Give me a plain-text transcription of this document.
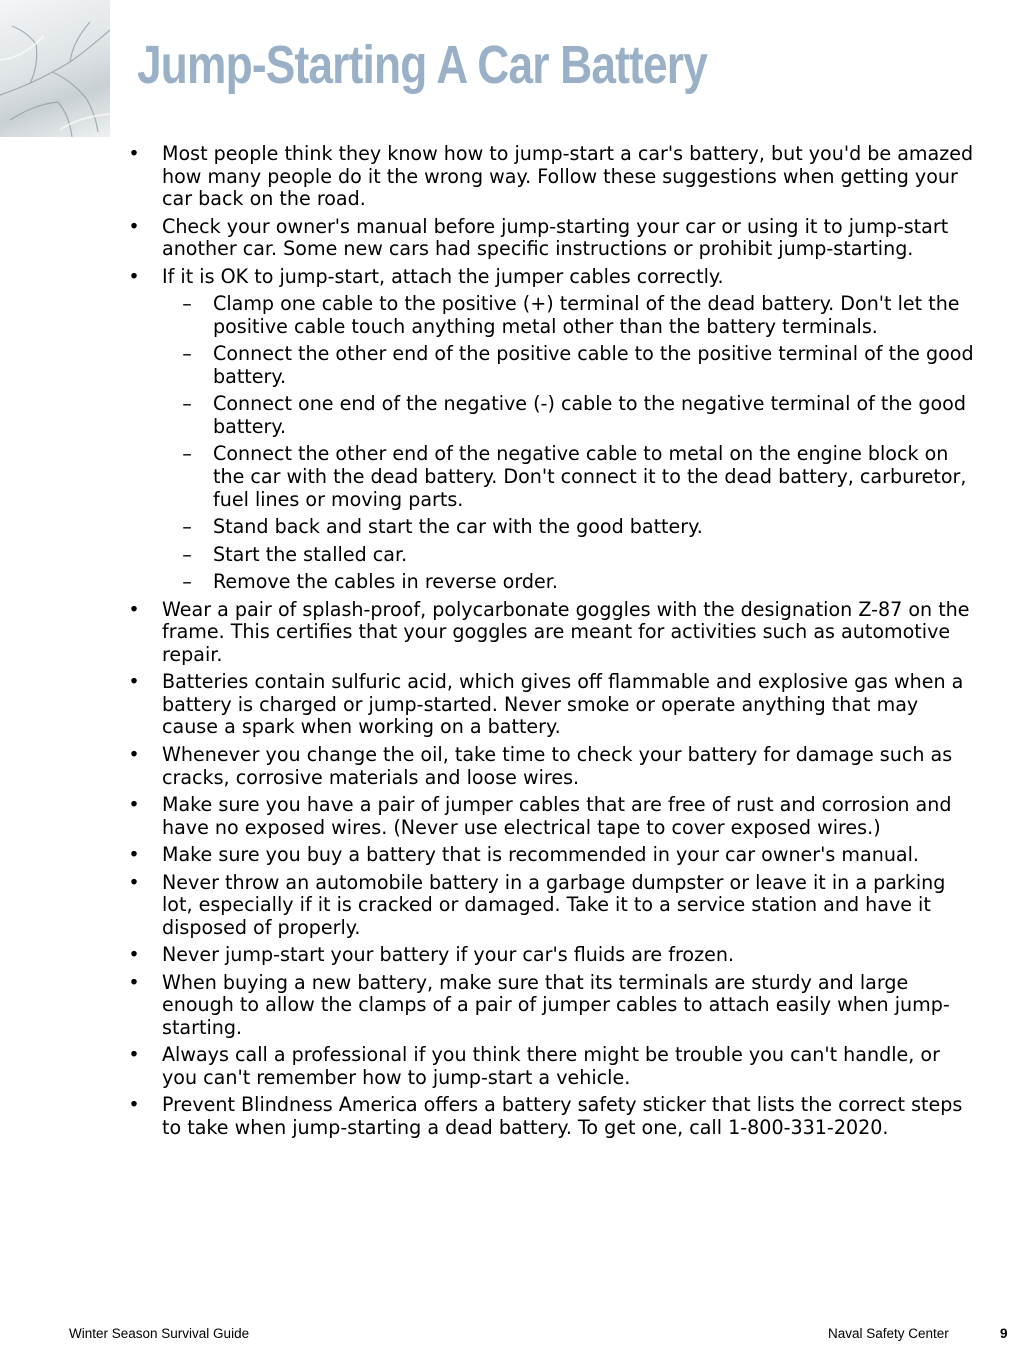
Jump-Starting A Car Battery
• Most people think they know how to jump-start a car's battery, but you'd be amazed how many people do it the wrong way. Follow these suggestions when getting your car back on the road.
• Check your owner's manual before jump-starting your car or using it to jump-start another car. Some new cars had specific instructions or prohibit jump-starting.
• If it is OK to jump-start, attach the jumper cables correctly.
– Clamp one cable to the positive (+) terminal of the dead battery. Don't let the positive cable touch anything metal other than the battery terminals.
– Connect the other end of the positive cable to the positive terminal of the good battery.
– Connect one end of the negative (-) cable to the negative terminal of the good battery.
– Connect the other end of the negative cable to metal on the engine block on the car with the dead battery. Don't connect it to the dead battery, carburetor, fuel lines or moving parts.
– Stand back and start the car with the good battery.
– Start the stalled car.
– Remove the cables in reverse order.
• Wear a pair of splash-proof, polycarbonate goggles with the designation Z-87 on the frame. This certifies that your goggles are meant for activities such as automotive repair.
• Batteries contain sulfuric acid, which gives off flammable and explosive gas when a battery is charged or jump-started. Never smoke or operate anything that may cause a spark when working on a battery.
• Whenever you change the oil, take time to check your battery for damage such as cracks, corrosive materials and loose wires.
• Make sure you have a pair of jumper cables that are free of rust and corrosion and have no exposed wires. (Never use electrical tape to cover exposed wires.)
• Make sure you buy a battery that is recommended in your car owner's manual.
• Never throw an automobile battery in a garbage dumpster or leave it in a parking lot, especially if it is cracked or damaged. Take it to a service station and have it disposed of properly.
• Never jump-start your battery if your car's fluids are frozen.
• When buying a new battery, make sure that its terminals are sturdy and large enough to allow the clamps of a pair of jumper cables to attach easily when jump-starting.
• Always call a professional if you think there might be trouble you can't handle, or you can't remember how to jump-start a vehicle.
• Prevent Blindness America offers a battery safety sticker that lists the correct steps to take when jump-starting a dead battery. To get one, call 1-800-331-2020.
Winter Season Survival Guide	Naval Safety Center	9
